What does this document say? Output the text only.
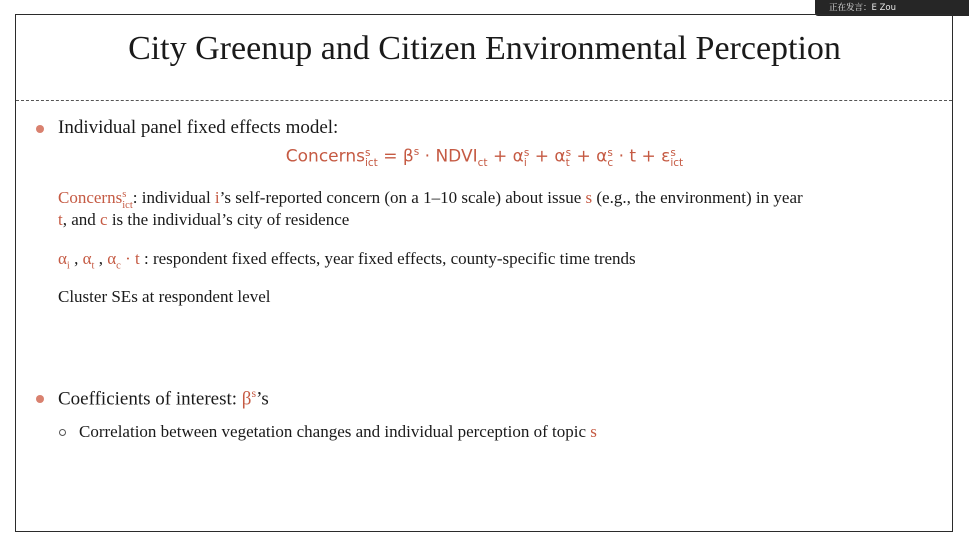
正在发言：E Zou
City Greenup and Citizen Environmental Perception
Individual panel fixed effects model:
Concerns s
ict = $\beta^s$ · $NDVI_{ct} + \alpha$ s
i + α s
t + α s
c · t + ε s
ict
Concerns s
ict : individual i’s self-reported concern (on a 1–10 scale) about issue s (e.g., the environment) in year
t, and c is the individual’s city of residence
$\alpha_i$ , $\alpha_t$ , $\alpha_c \cdot t$ : respondent fixed effects, year fixed effects, county-specific time trends
Cluster SEs at respondent level
Coefficients of interest: $\beta^s’s$
Correlation between vegetation changes and individual perception of topic s
